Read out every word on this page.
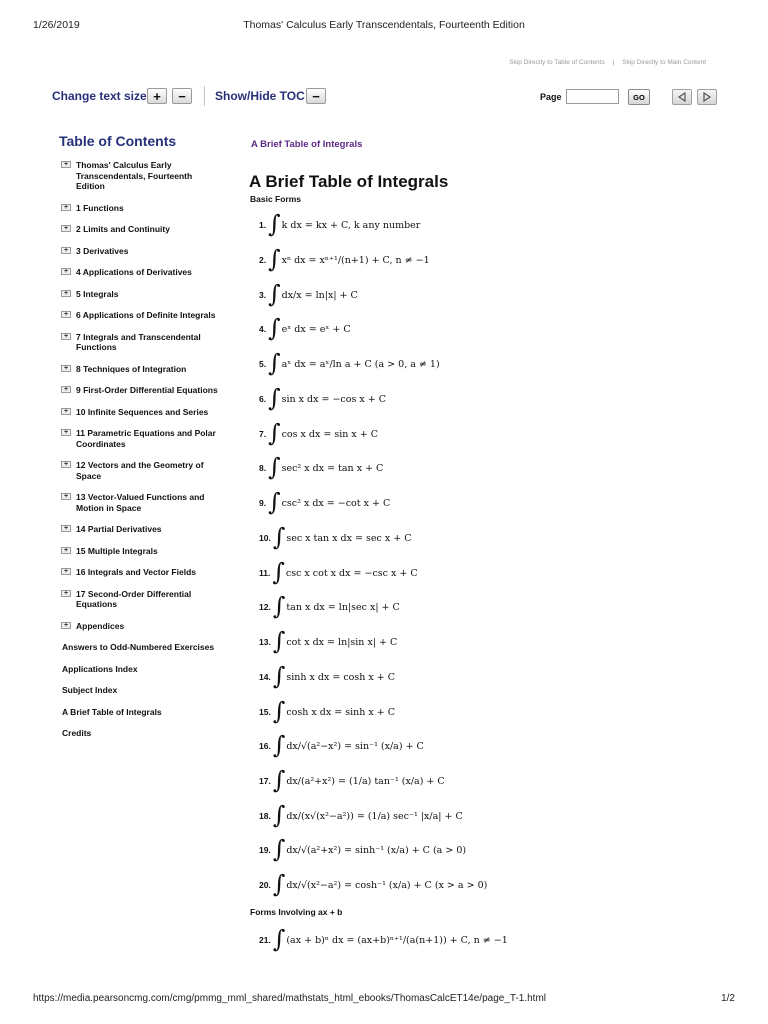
1/26/2019	Thomas' Calculus Early Transcendentals, Fourteenth Edition
Skip Directly to Table of Contents | Skip Directly to Main Content
Change text size +	−	Show/Hide TOC −	Page	GO
Table of Contents
+ Thomas' Calculus Early Transcendentals, Fourteenth Edition
+ 1 Functions
+ 2 Limits and Continuity
+ 3 Derivatives
+ 4 Applications of Derivatives
+ 5 Integrals
+ 6 Applications of Definite Integrals
+ 7 Integrals and Transcendental Functions
+ 8 Techniques of Integration
+ 9 First-Order Differential Equations
+ 10 Infinite Sequences and Series
+ 11 Parametric Equations and Polar Coordinates
+ 12 Vectors and the Geometry of Space
+ 13 Vector-Valued Functions and Motion in Space
+ 14 Partial Derivatives
+ 15 Multiple Integrals
+ 16 Integrals and Vector Fields
+ 17 Second-Order Differential Equations
+ Appendices
Answers to Odd-Numbered Exercises
Applications Index
Subject Index
A Brief Table of Integrals
Credits
A Brief Table of Integrals
A Brief Table of Integrals
Basic Forms
Forms Involving ax + b
1. ∫ k dx = kx + C, k any number
2. ∫ xⁿ dx = xⁿ⁺¹/(n+1) + C, n ≠ −1
3. ∫ dx/x = ln|x| + C
4. ∫ eˣ dx = eˣ + C
5. ∫ aˣ dx = aˣ/ln a + C (a > 0, a ≠ 1)
6. ∫ sin x dx = −cos x + C
7. ∫ cos x dx = sin x + C
8. ∫ sec² x dx = tan x + C
9. ∫ csc² x dx = −cot x + C
10. ∫ sec x tan x dx = sec x + C
11. ∫ csc x cot x dx = −csc x + C
12. ∫ tan x dx = ln|sec x| + C
13. ∫ cot x dx = ln|sin x| + C
14. ∫ sinh x dx = cosh x + C
15. ∫ cosh x dx = sinh x + C
16. ∫ dx/√(a²−x²) = sin⁻¹ (x/a) + C
17. ∫ dx/(a²+x²) = (1/a) tan⁻¹ (x/a) + C
18. ∫ dx/(x√(x²−a²)) = (1/a) sec⁻¹ |x/a| + C
19. ∫ dx/√(a²+x²) = sinh⁻¹ (x/a) + C (a > 0)
20. ∫ dx/√(x²−a²) = cosh⁻¹ (x/a) + C (x > a > 0)
21. ∫ (ax + b)ⁿ dx = (ax+b)ⁿ⁺¹/(a(n+1)) + C, n ≠ −1
https://media.pearsoncmg.com/cmg/pmmg_mml_shared/mathstats_html_ebooks/ThomasCalcET14e/page_T-1.html	1/2
